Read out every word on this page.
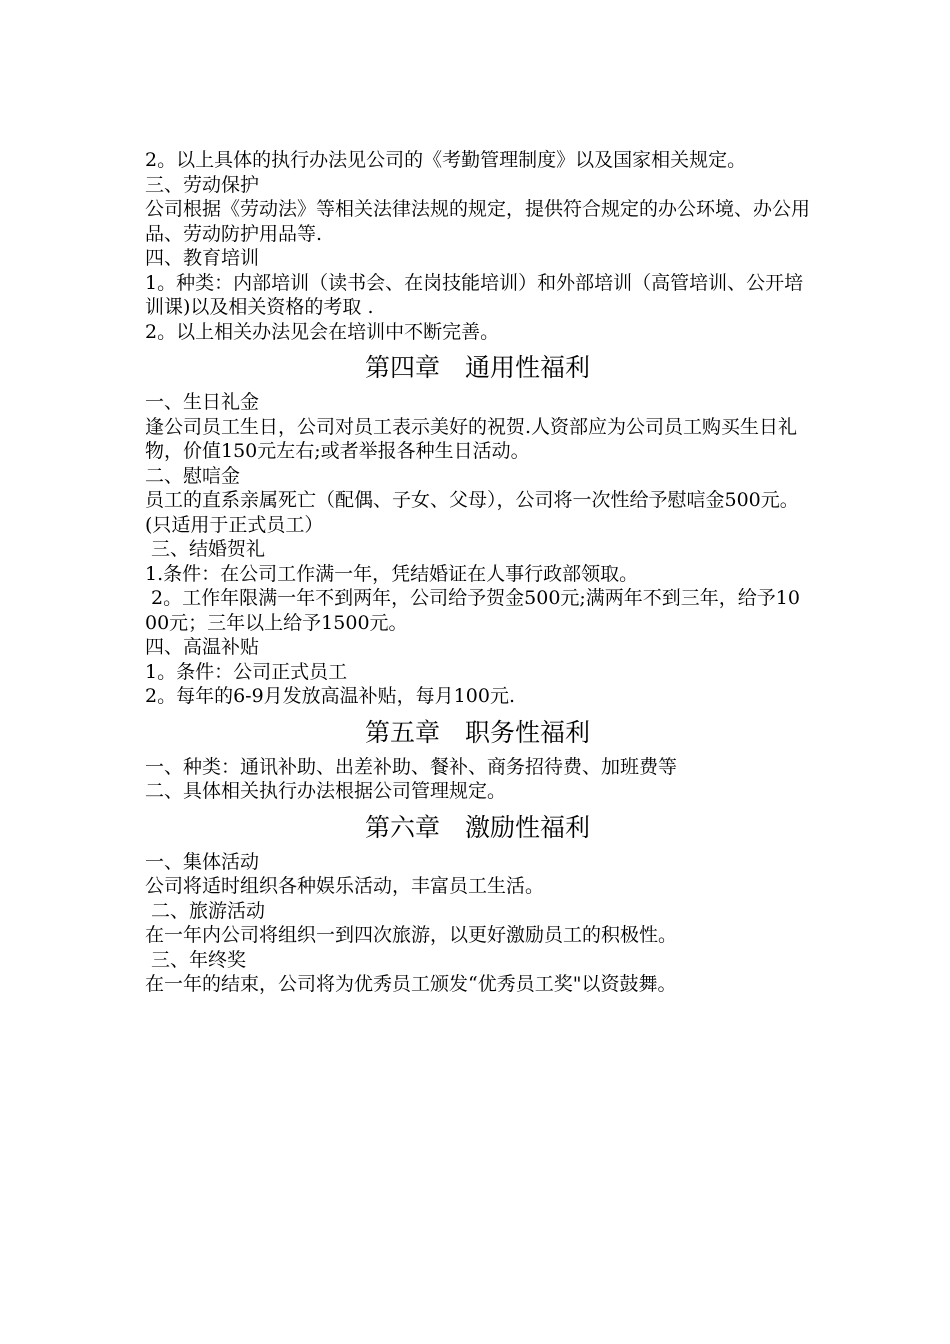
2。以上具体的执行办法见公司的《考勤管理制度》以及国家相关规定。

三、劳动保护

公司根据《劳动法》等相关法律法规的规定，提供符合规定的办公环境、办公用品、劳动防护用品等.

四、教育培训

1。种类：内部培训（读书会、在岗技能培训）和外部培训（高管培训、公开培训课)以及相关资格的考取 .

2。以上相关办法见会在培训中不断完善。

第四章　通用性福利

一、生日礼金

逢公司员工生日，公司对员工表示美好的祝贺.人资部应为公司员工购买生日礼物，价值150元左右;或者举报各种生日活动。

二、慰唁金

员工的直系亲属死亡（配偶、子女、父母），公司将一次性给予慰唁金500元。(只适用于正式员工）

三、结婚贺礼

1.条件：在公司工作满一年，凭结婚证在人事行政部领取。

2。工作年限满一年不到两年，公司给予贺金500元;满两年不到三年，给予1000元；三年以上给予1500元。

四、高温补贴

1。条件：公司正式员工

2。每年的6-9月发放高温补贴，每月100元.

第五章　职务性福利

一、种类：通讯补助、出差补助、餐补、商务招待费、加班费等

二、具体相关执行办法根据公司管理规定。

第六章　激励性福利

一、集体活动

公司将适时组织各种娱乐活动，丰富员工生活。

二、旅游活动

在一年内公司将组织一到四次旅游，以更好激励员工的积极性。

三、年终奖

在一年的结束，公司将为优秀员工颁发“优秀员工奖"以资鼓舞。
